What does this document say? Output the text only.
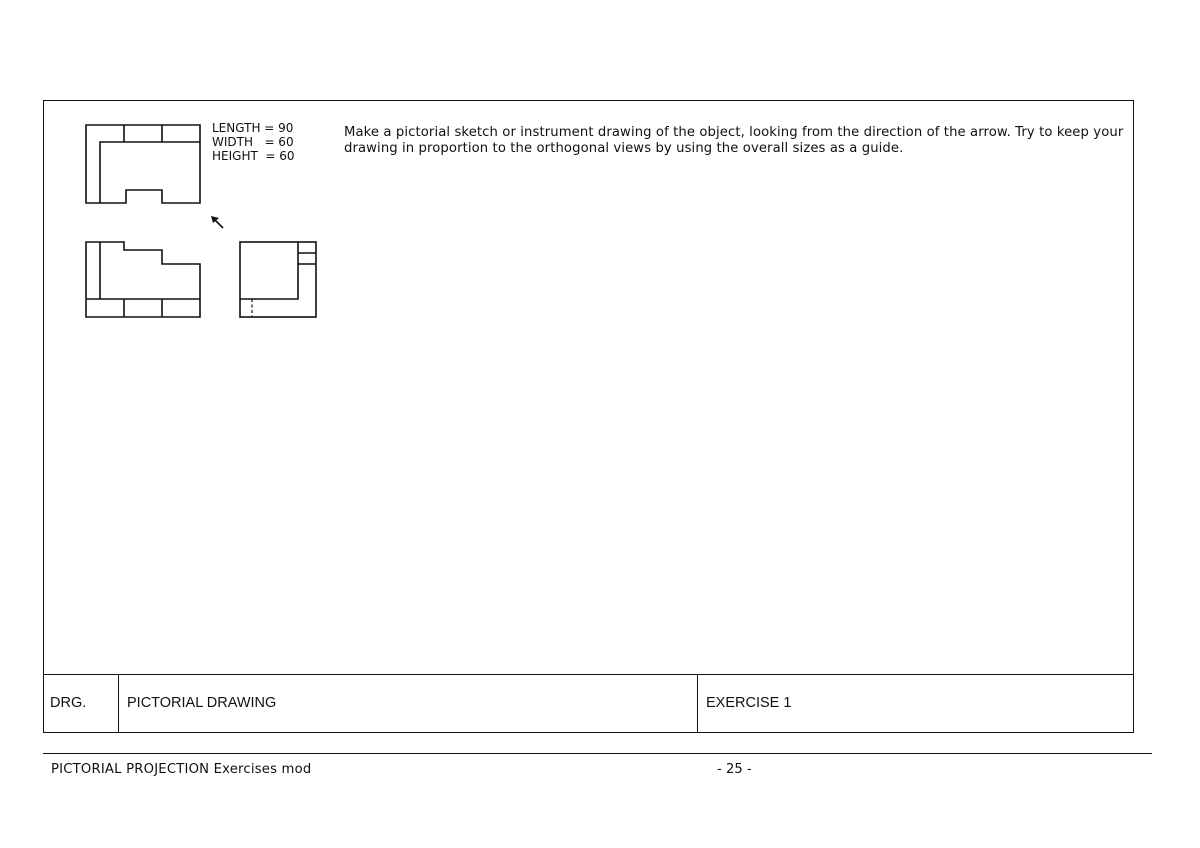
LENGTH = 90
WIDTH   = 60
HEIGHT  = 60
Make a pictorial sketch or instrument drawing of the object, looking from the direction of the arrow. Try to keep your drawing in proportion to the orthogonal views by using the overall sizes as a guide.
DRG.	PICTORIAL DRAWING	EXERCISE 1
PICTORIAL PROJECTION Exercises mod	- 25 -
